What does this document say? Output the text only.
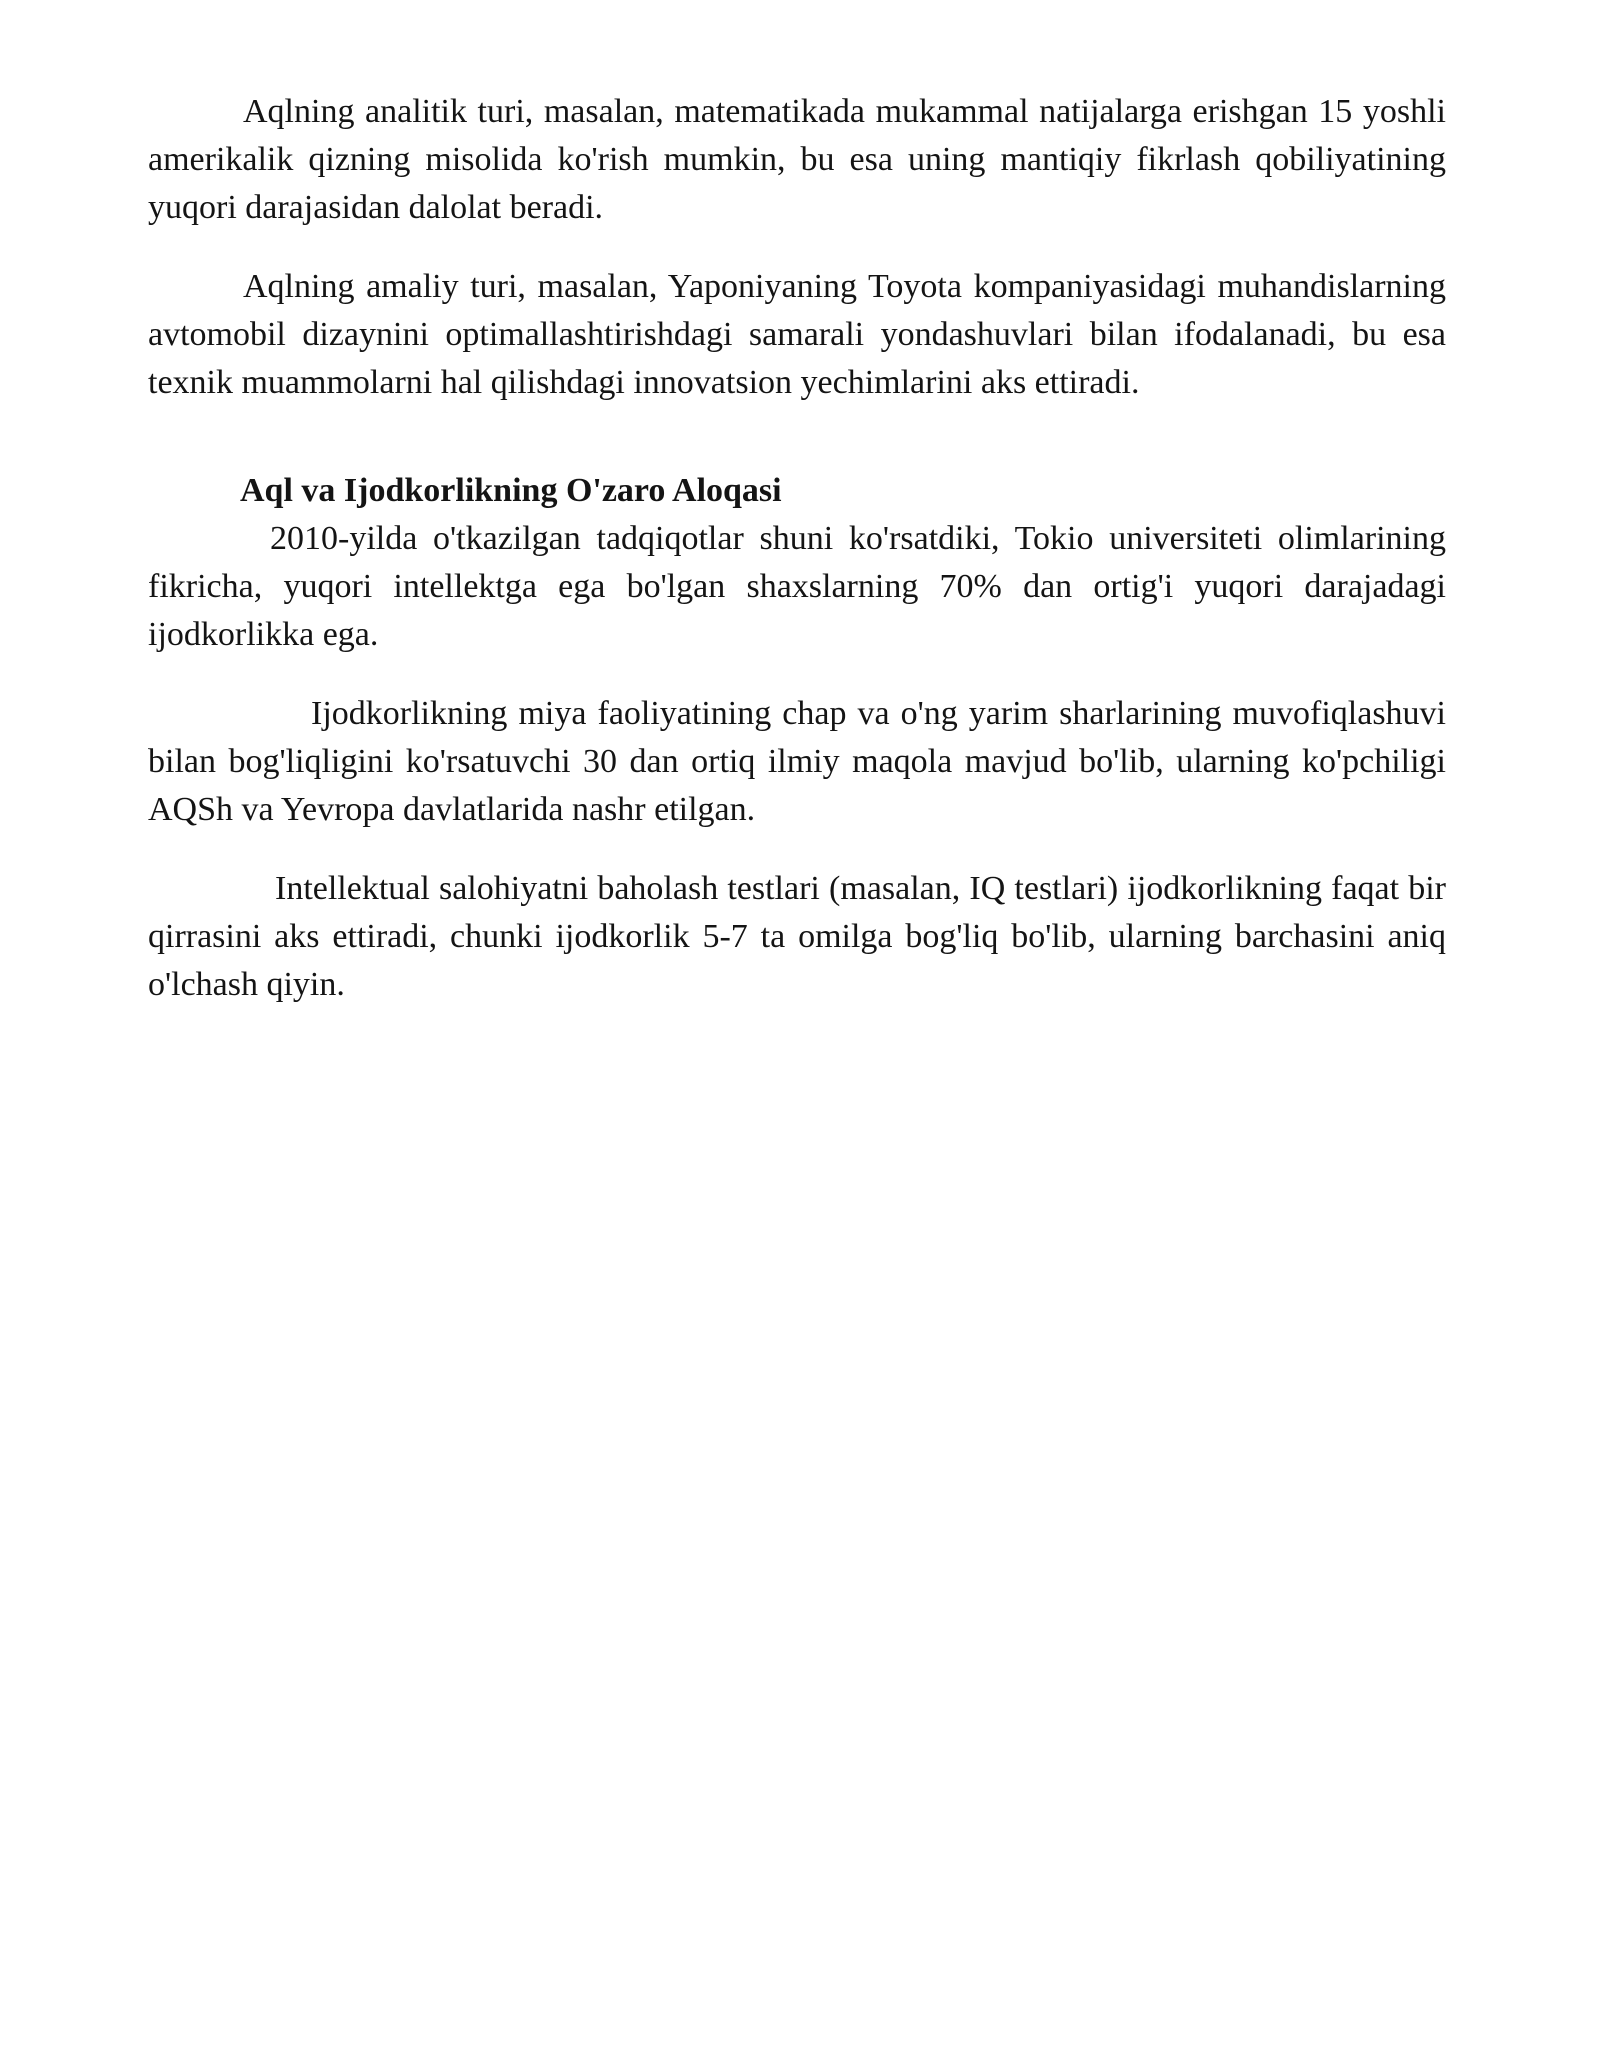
Aqlning analitik turi, masalan, matematikada mukammal natijalarga erishgan 15 yoshli amerikalik qizning misolida ko'rish mumkin, bu esa uning mantiqiy fikrlash qobiliyatining yuqori darajasidan dalolat beradi.

Aqlning amaliy turi, masalan, Yaponiyaning Toyota kompaniyasidagi muhandislarning avtomobil dizaynini optimallashtirishdagi samarali yondashuvlari bilan ifodalanadi, bu esa texnik muammolarni hal qilishdagi innovatsion yechimlarini aks ettiradi.

Aql va Ijodkorlikning O'zaro Aloqasi

2010-yilda o'tkazilgan tadqiqotlar shuni ko'rsatdiki, Tokio universiteti olimlarining fikricha, yuqori intellektga ega bo'lgan shaxslarning 70% dan ortig'i yuqori darajadagi ijodkorlikka ega.

Ijodkorlikning miya faoliyatining chap va o'ng yarim sharlarining muvofiqlashuvi bilan bog'liqligini ko'rsatuvchi 30 dan ortiq ilmiy maqola mavjud bo'lib, ularning ko'pchiligi AQSh va Yevropa davlatlarida nashr etilgan.

Intellektual salohiyatni baholash testlari (masalan, IQ testlari) ijodkorlikning faqat bir qirrasini aks ettiradi, chunki ijodkorlik 5-7 ta omilga bog'liq bo'lib, ularning barchasini aniq o'lchash qiyin.
